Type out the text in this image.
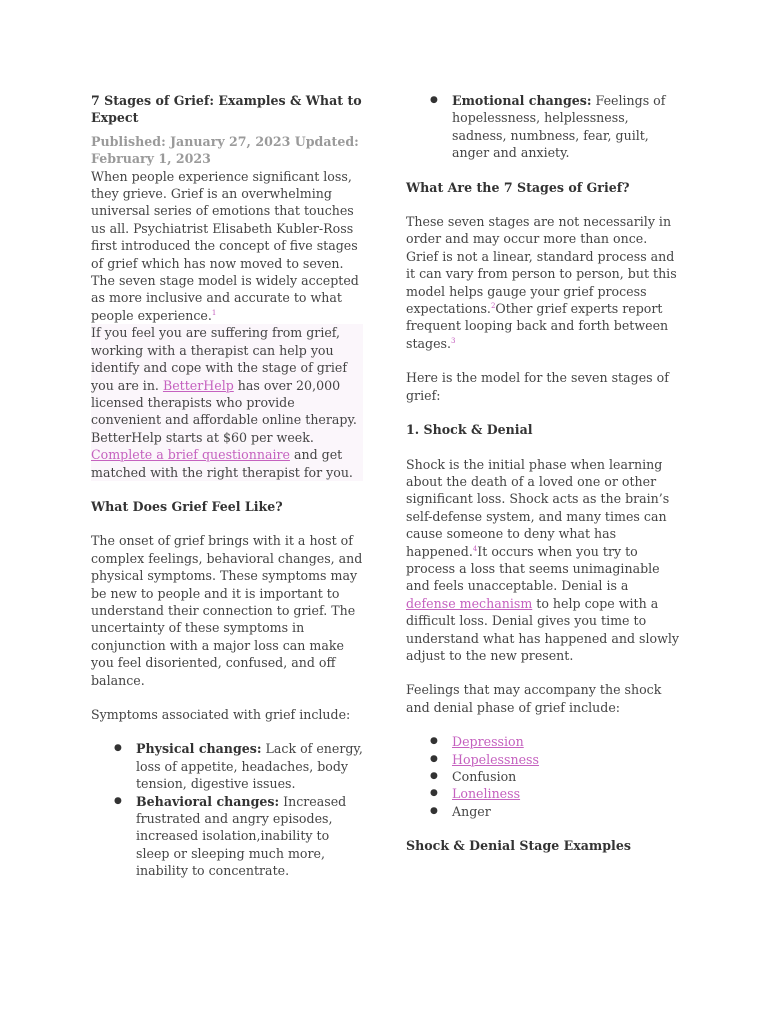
7 Stages of Grief: Examples & What to Expect

Published: January 27, 2023 Updated: February 1, 2023

When people experience significant loss, they grieve. Grief is an overwhelming universal series of emotions that touches us all. Psychiatrist Elisabeth Kubler-Ross first introduced the concept of five stages of grief which has now moved to seven. The seven stage model is widely accepted as more inclusive and accurate to what people experience.$^1$

If you feel you are suffering from grief, working with a therapist can help you identify and cope with the stage of grief you are in. BetterHelp has over 20,000 licensed therapists who provide convenient and affordable online therapy. BetterHelp starts at $60 per week. Complete a brief questionnaire and get matched with the right therapist for you.

What Does Grief Feel Like?

The onset of grief brings with it a host of complex feelings, behavioral changes, and physical symptoms. These symptoms may be new to people and it is important to understand their connection to grief. The uncertainty of these symptoms in conjunction with a major loss can make you feel disoriented, confused, and off balance.

Symptoms associated with grief include:

● Physical changes: Lack of energy, loss of appetite, headaches, body tension, digestive issues.
● Behavioral changes: Increased frustrated and angry episodes, increased isolation,inability to sleep or sleeping much more, inability to concentrate.
● Emotional changes: Feelings of hopelessness, helplessness, sadness, numbness, fear, guilt, anger and anxiety.
What Are the 7 Stages of Grief?

These seven stages are not necessarily in order and may occur more than once. Grief is not a linear, standard process and it can vary from person to person, but this model helps gauge your grief process expectations.$^2$Other grief experts report frequent looping back and forth between stages.$^3$

Here is the model for the seven stages of grief:

1. Shock & Denial

Shock is the initial phase when learning about the death of a loved one or other significant loss. Shock acts as the brain’s self-defense system, and many times can cause someone to deny what has happened.$^4$It occurs when you try to process a loss that seems unimaginable and feels unacceptable. Denial is a defense mechanism to help cope with a difficult loss. Denial gives you time to understand what has happened and slowly adjust to the new present.

Feelings that may accompany the shock and denial phase of grief include:

● Depression
● Hopelessness
● Confusion
● Loneliness
● Anger
Shock & Denial Stage Examples
